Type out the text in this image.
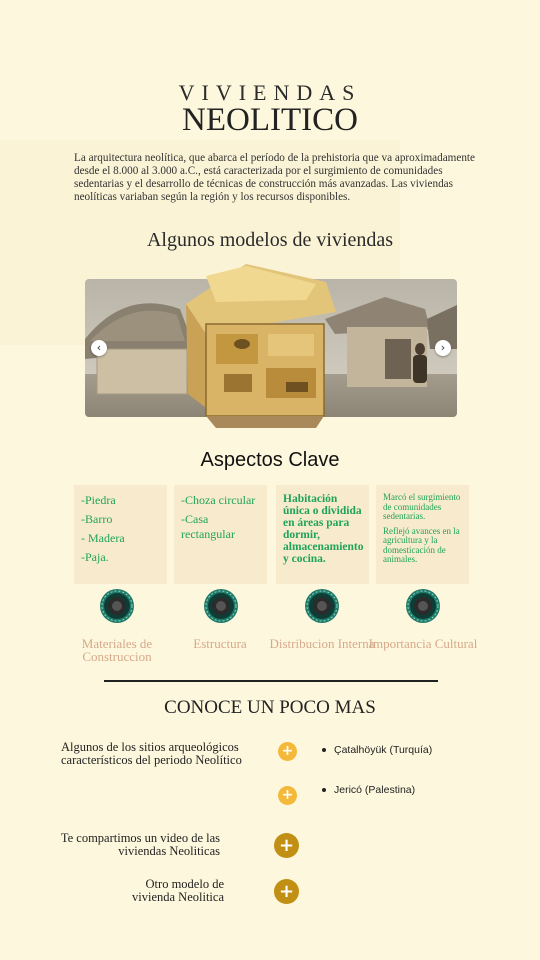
VIVIENDAS
NEOLITICO
La arquitectura neolítica, que abarca el período de la prehistoria que va aproximadamente desde el 8.000 al 3.000 a.C., está caracterizada por el surgimiento de comunidades sedentarias y el desarrollo de técnicas de construcción más avanzadas. Las viviendas neolíticas variaban según la región y los recursos disponibles.
Algunos modelos de viviendas
‹	›
Aspectos Clave
-Piedra
-Barro
- Madera
-Paja.
-Choza circular
-Casa rectangular
Habitación única o dividida en áreas para dormir, almacenamiento y cocina.
Marcó el surgimiento de comunidades sedentarias.
Reflejó avances en la agricultura y la domesticación de animales.
Materiales de Construccion
Estructura	Distribucion Interna
Importancia Cultural
CONOCE UN POCO MAS
Algunos de los sitios arqueológicos característicos del periodo Neolítico
+
+
Çatalhöyük (Turquía)
Jericó (Palestina)
Te compartimos un video de las viviendas Neoliticas	+
Otro modelo de vivienda Neolitica	+
